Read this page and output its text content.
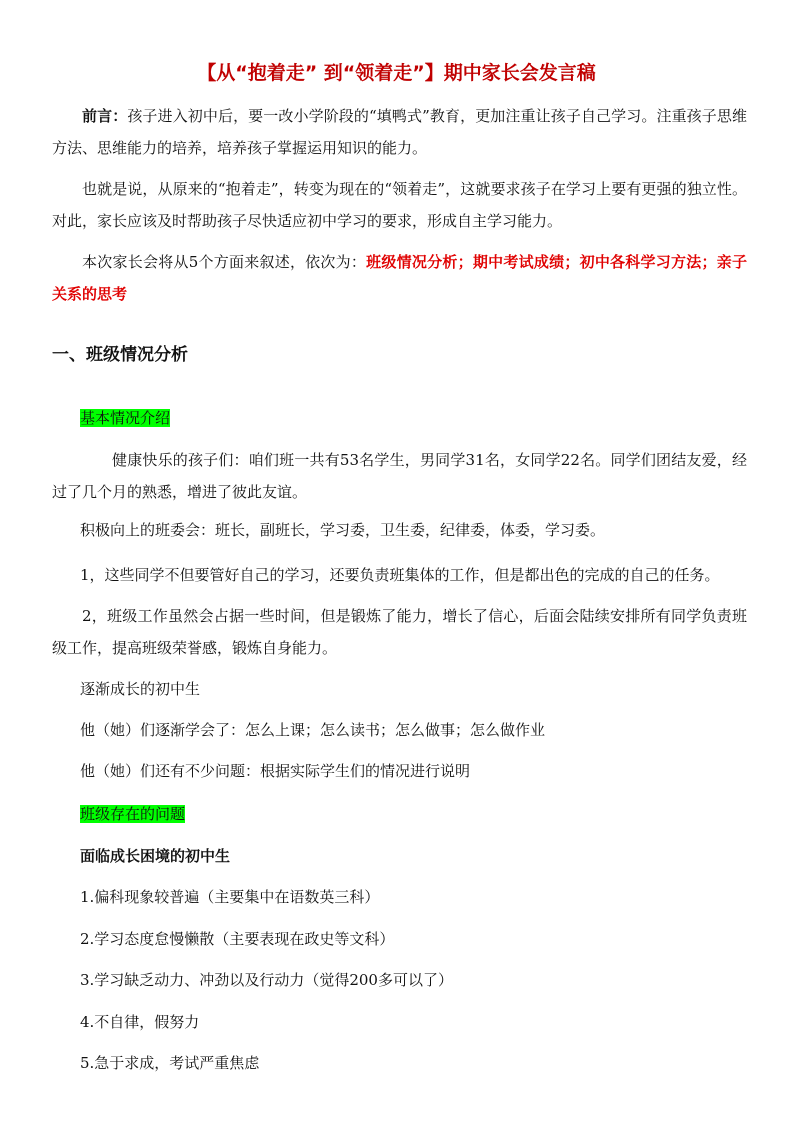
【从“抱着走” 到“领着走”】期中家长会发言稿
前言：孩子进入初中后，要一改小学阶段的“填鸭式”教育，更加注重让孩子自己学习。注重孩子思维方法、思维能力的培养，培养孩子掌握运用知识的能力。
也就是说，从原来的“抱着走”，转变为现在的“领着走”，这就要求孩子在学习上要有更强的独立性。对此，家长应该及时帮助孩子尽快适应初中学习的要求，形成自主学习能力。
本次家长会将从5个方面来叙述，依次为：班级情况分析；期中考试成绩；初中各科学习方法；亲子关系的思考
一、班级情况分析
基本情况介绍
健康快乐的孩子们：咱们班一共有53名学生，男同学31名，女同学22名。同学们团结友爱，经过了几个月的熟悉，增进了彼此友谊。
积极向上的班委会：班长，副班长，学习委，卫生委，纪律委，体委，学习委。
1，这些同学不但要管好自己的学习，还要负责班集体的工作，但是都出色的完成的自己的任务。
2，班级工作虽然会占据一些时间，但是锻炼了能力，增长了信心，后面会陆续安排所有同学负责班级工作，提高班级荣誉感，锻炼自身能力。
逐渐成长的初中生
他（她）们逐渐学会了：怎么上课；怎么读书；怎么做事；怎么做作业
他（她）们还有不少问题：根据实际学生们的情况进行说明
班级存在的问题
面临成长困境的初中生
1.偏科现象较普遍（主要集中在语数英三科）
2.学习态度怠慢懒散（主要表现在政史等文科）
3.学习缺乏动力、冲劲以及行动力（觉得200多可以了）
4.不自律，假努力
5.急于求成，考试严重焦虑
